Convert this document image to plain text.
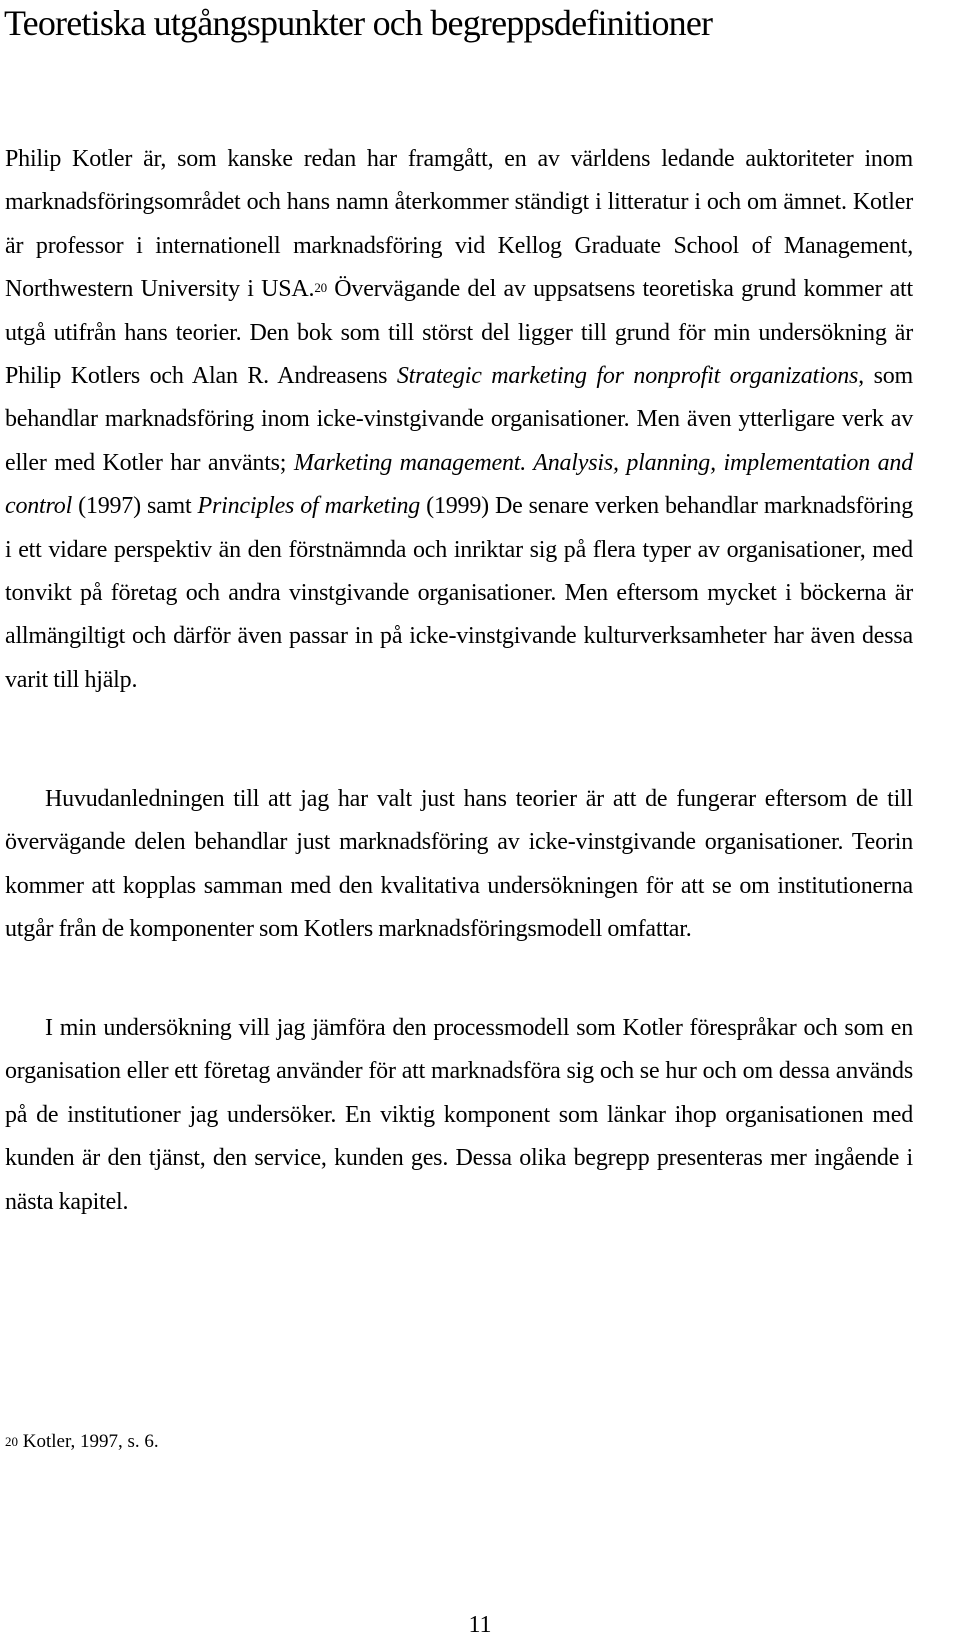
Teoretiska utgångspunkter och begreppsdefinitioner

Philip Kotler är, som kanske redan har framgått, en av världens ledande auktoriteter inom marknadsföringsområdet och hans namn återkommer ständigt i litteratur i och om ämnet. Kotler är professor i internationell marknadsföring vid Kellog Graduate School of Management, Northwestern University i USA.$^{20}$ Övervägande del av uppsatsens teoretiska grund kommer att utgå utifrån hans teorier. Den bok som till störst del ligger till grund för min undersökning är Philip Kotlers och Alan R. Andreasens Strategic marketing for nonprofit organizations, som behandlar marknadsföring inom icke-vinstgivande organisationer. Men även ytterligare verk av eller med Kotler har använts; Marketing management. Analysis, planning, implementation and control (1997) samt Principles of marketing (1999) De senare verken behandlar marknadsföring i ett vidare perspektiv än den förstnämnda och inriktar sig på flera typer av organisationer, med tonvikt på företag och andra vinstgivande organisationer. Men eftersom mycket i böckerna är allmängiltigt och därför även passar in på icke-vinstgivande kulturverksamheter har även dessa varit till hjälp.

Huvudanledningen till att jag har valt just hans teorier är att de fungerar eftersom de till övervägande delen behandlar just marknadsföring av icke-vinstgivande organisationer. Teorin kommer att kopplas samman med den kvalitativa undersökningen för att se om institutionerna utgår från de komponenter som Kotlers marknadsföringsmodell omfattar.

I min undersökning vill jag jämföra den processmodell som Kotler förespråkar och som en organisation eller ett företag använder för att marknadsföra sig och se hur och om dessa används på de institutioner jag undersöker. En viktig komponent som länkar ihop organisationen med kunden är den tjänst, den service, kunden ges. Dessa olika begrepp presenteras mer ingående i nästa kapitel.

$^{20}$ Kotler, 1997, s. 6.

11
